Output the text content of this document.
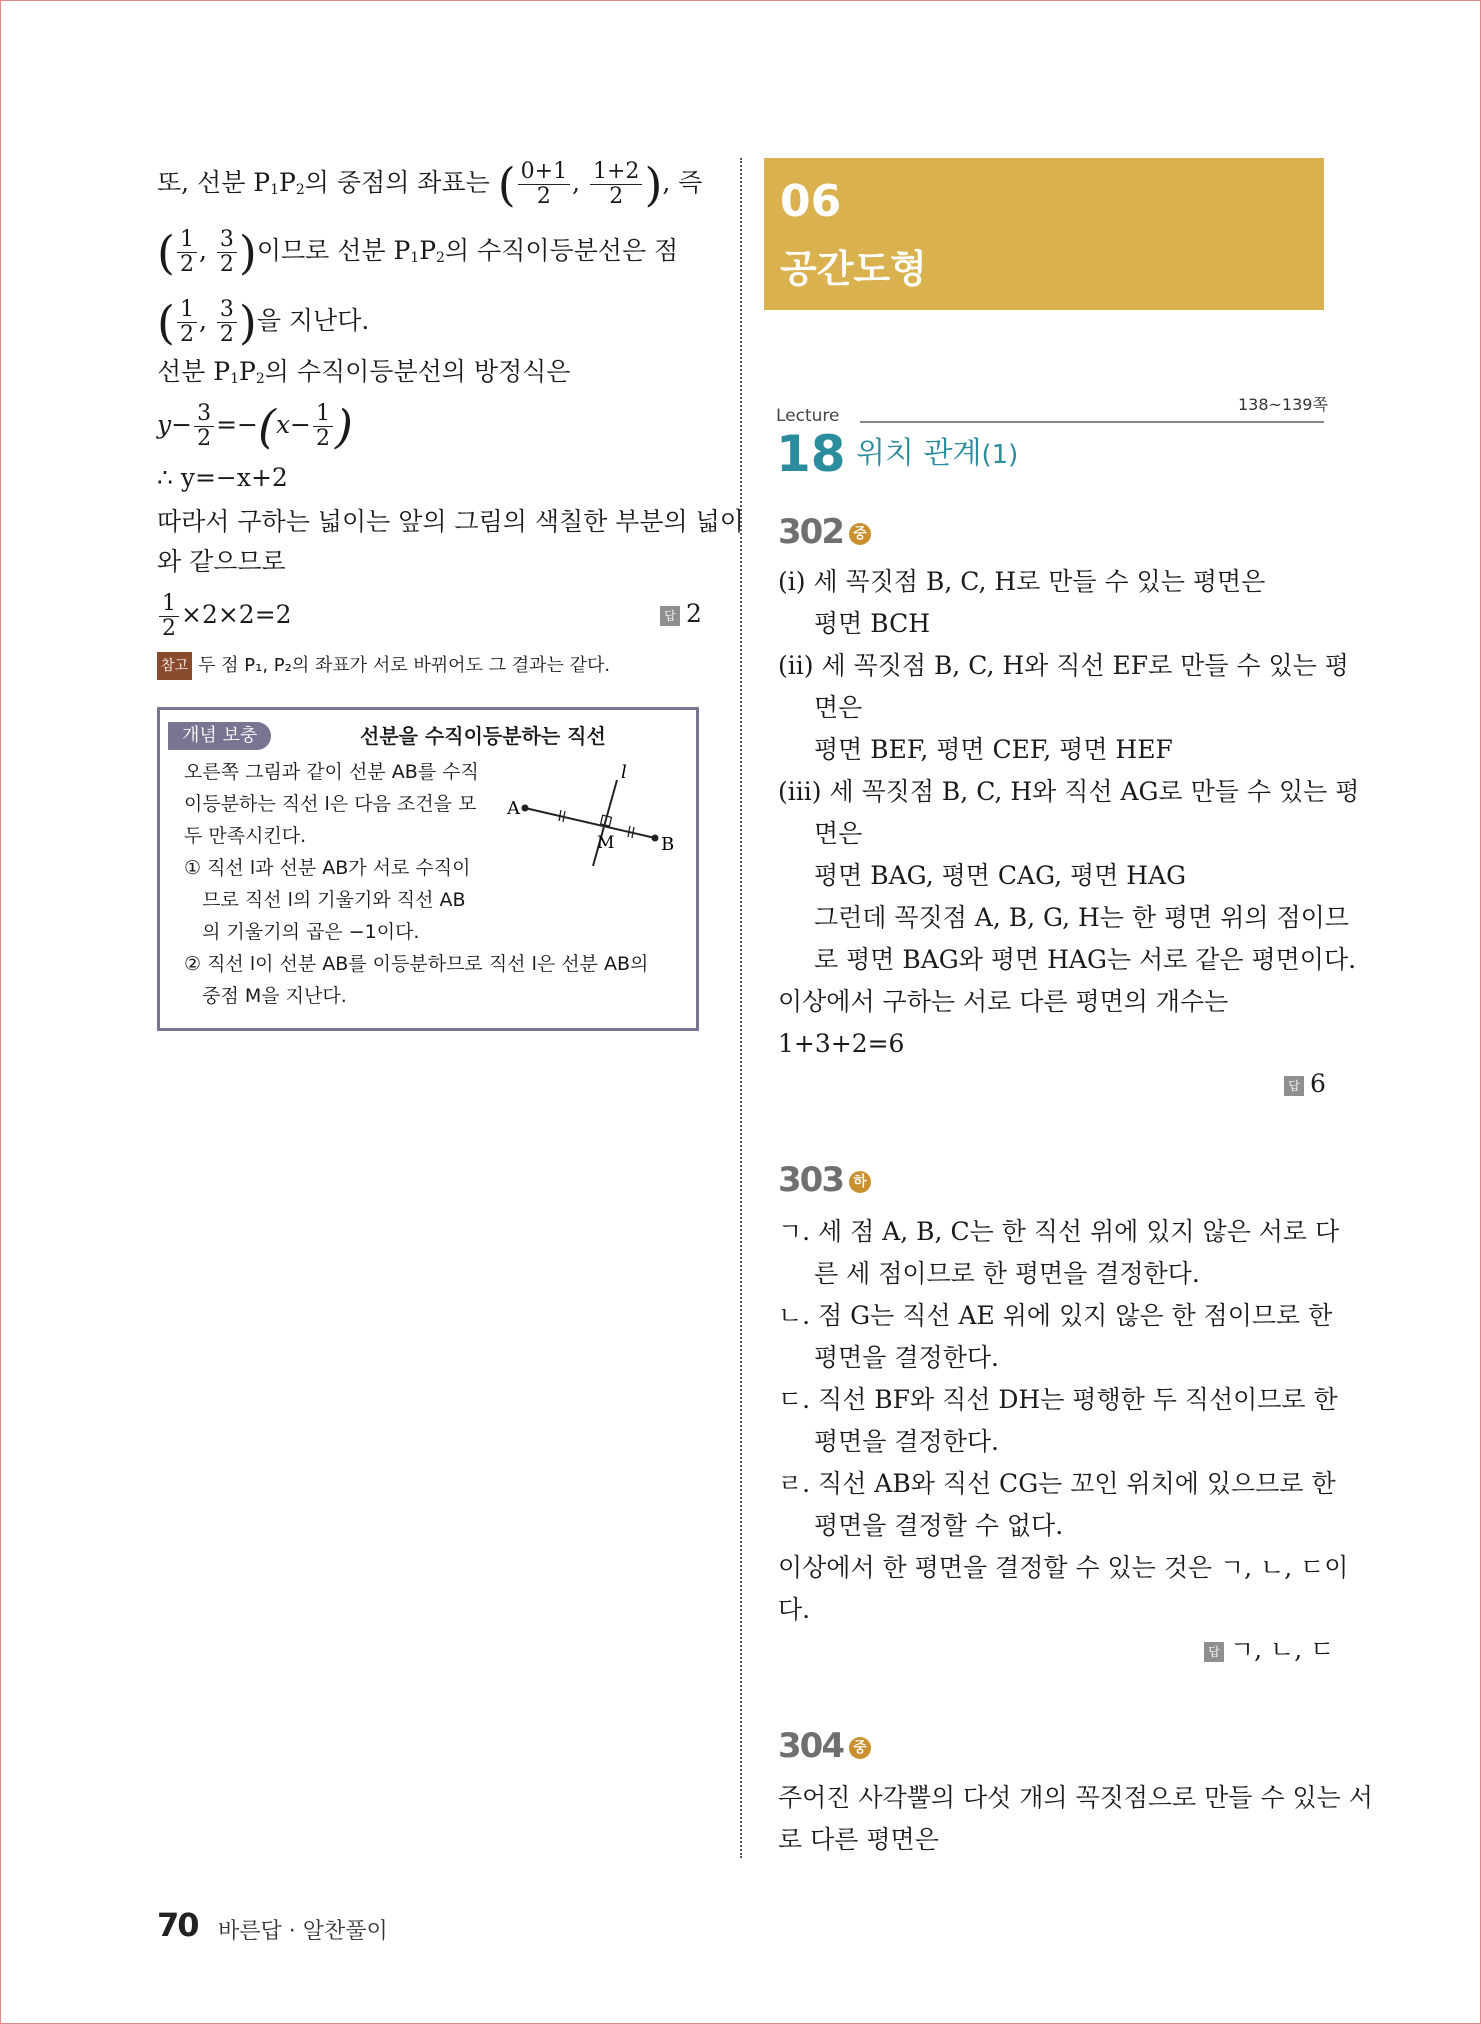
또, 선분 P1P2의 중점의 좌표는 ( $\frac{0+1}{2}$ , $\frac{1+2}{2}$ ), 즉
( $\frac{1}{2}$ , $\frac{3}{2}$ )이므로 선분 P1P2의 수직이등분선은 점
( $\frac{1}{2}$ , $\frac{3}{2}$ )을 지난다.
선분 P1P2의 수직이등분선의 방정식은
$y- \frac{3}{2} =-(x- \frac{1}{2}$ )
∴ y=−x+2
따라서 구하는 넓이는 앞의 그림의 색칠한 부분의 넓이
와 같으므로
$\frac{1}{2} \times 2\times 2=2$	답 2
참고 두 점 P₁, P₂의 좌표가 서로 바뀌어도 그 결과는 같다.
개념 보충	선분을 수직이등분하는 직선
오른쪽 그림과 같이 선분 AB를 수직
이등분하는 직선 l은 다음 조건을 모
두 만족시킨다.
① 직선 l과 선분 AB가 서로 수직이
므로 직선 l의 기울기와 직선 AB
의 기울기의 곱은 −1이다.
② 직선 l이 선분 AB를 이등분하므로 직선 l은 선분 AB의
중점 M을 지난다.
l
A
B
M
06
공간도형
Lecture
138~139쪽
18 위치 관계(1)
302 중
(i) 세 꼭짓점 B, C, H로 만들 수 있는 평면은
평면 BCH
(ii) 세 꼭짓점 B, C, H와 직선 EF로 만들 수 있는 평
면은
평면 BEF, 평면 CEF, 평면 HEF
(iii) 세 꼭짓점 B, C, H와 직선 AG로 만들 수 있는 평
면은
평면 BAG, 평면 CAG, 평면 HAG
그런데 꼭짓점 A, B, G, H는 한 평면 위의 점이므
로 평면 BAG와 평면 HAG는 서로 같은 평면이다.
이상에서 구하는 서로 다른 평면의 개수는
1+3+2=6
답 6
303 하
ㄱ. 세 점 A, B, C는 한 직선 위에 있지 않은 서로 다
른 세 점이므로 한 평면을 결정한다.
ㄴ. 점 G는 직선 AE 위에 있지 않은 한 점이므로 한
평면을 결정한다.
ㄷ. 직선 BF와 직선 DH는 평행한 두 직선이므로 한
평면을 결정한다.
ㄹ. 직선 AB와 직선 CG는 꼬인 위치에 있으므로 한
평면을 결정할 수 없다.
이상에서 한 평면을 결정할 수 있는 것은 ㄱ, ㄴ, ㄷ이
다.
답 ㄱ, ㄴ, ㄷ
304 중
주어진 사각뿔의 다섯 개의 꼭짓점으로 만들 수 있는 서
로 다른 평면은
70 바른답 · 알찬풀이
